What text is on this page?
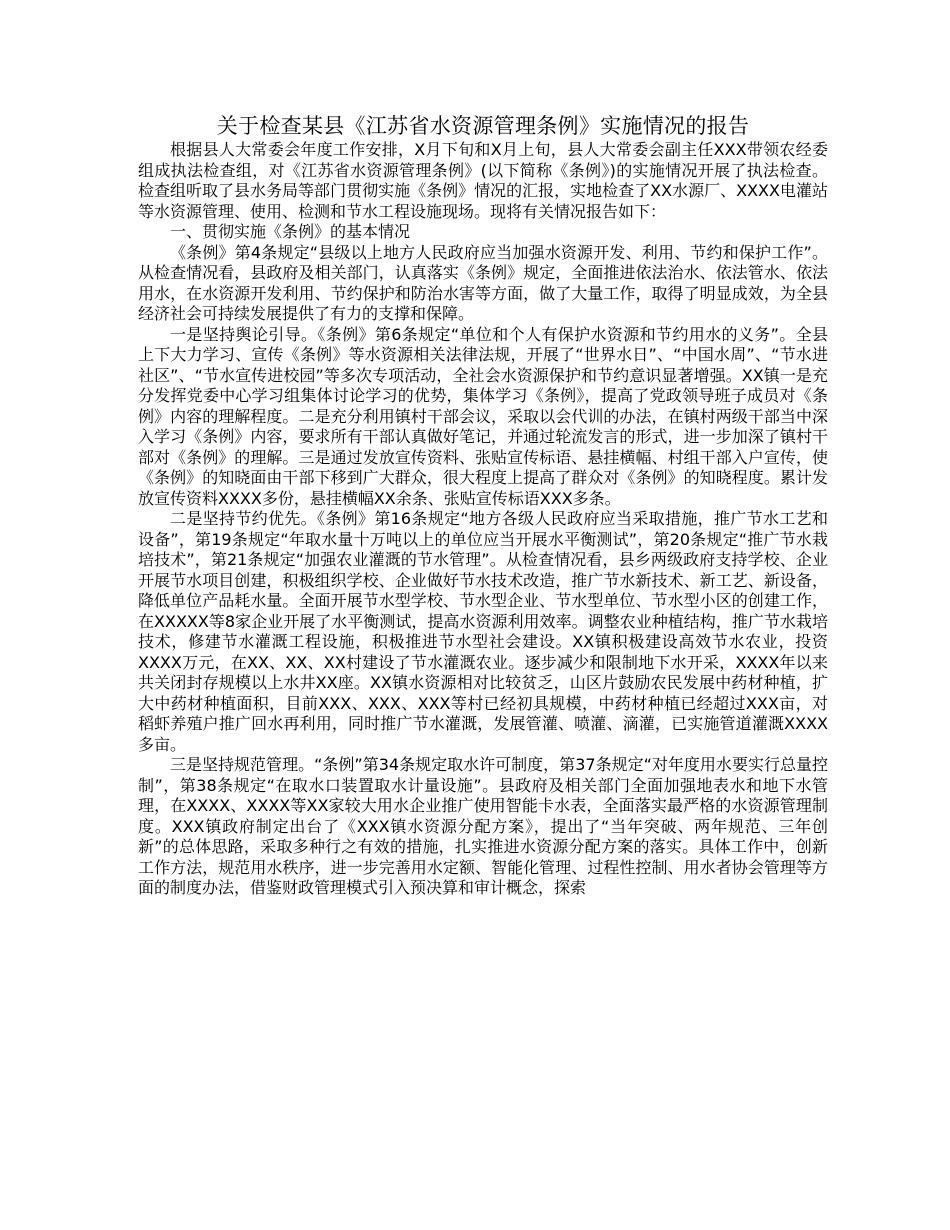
关于检查某县《江苏省水资源管理条例》实施情况的报告

根据县人大常委会年度工作安排，X月下旬和X月上旬，县人大常委会副主任XXX带领农经委组成执法检查组，对《江苏省水资源管理条例》(以下简称《条例》)的实施情况开展了执法检查。检查组听取了县水务局等部门贯彻实施《条例》情况的汇报，实地检查了XX水源厂、XXXX电灌站等水资源管理、使用、检测和节水工程设施现场。现将有关情况报告如下：

一、贯彻实施《条例》的基本情况

《条例》第4条规定“县级以上地方人民政府应当加强水资源开发、利用、节约和保护工作”。从检查情况看，县政府及相关部门，认真落实《条例》规定，全面推进依法治水、依法管水、依法用水，在水资源开发利用、节约保护和防治水害等方面，做了大量工作，取得了明显成效，为全县经济社会可持续发展提供了有力的支撑和保障。

一是坚持舆论引导。《条例》第6条规定“单位和个人有保护水资源和节约用水的义务”。全县上下大力学习、宣传《条例》等水资源相关法律法规，开展了“世界水日”、“中国水周”、“节水进社区”、“节水宣传进校园”等多次专项活动，全社会水资源保护和节约意识显著增强。XX镇一是充分发挥党委中心学习组集体讨论学习的优势，集体学习《条例》，提高了党政领导班子成员对《条例》内容的理解程度。二是充分利用镇村干部会议，采取以会代训的办法，在镇村两级干部当中深入学习《条例》内容，要求所有干部认真做好笔记，并通过轮流发言的形式，进一步加深了镇村干部对《条例》的理解。三是通过发放宣传资料、张贴宣传标语、悬挂横幅、村组干部入户宣传，使《条例》的知晓面由干部下移到广大群众，很大程度上提高了群众对《条例》的知晓程度。累计发放宣传资料XXXX多份，悬挂横幅XX余条、张贴宣传标语XXX多条。

二是坚持节约优先。《条例》第16条规定“地方各级人民政府应当采取措施，推广节水工艺和设备”，第19条规定“年取水量十万吨以上的单位应当开展水平衡测试”，第20条规定“推广节水栽培技术”，第21条规定“加强农业灌溉的节水管理”。从检查情况看，县乡两级政府支持学校、企业开展节水项目创建，积极组织学校、企业做好节水技术改造，推广节水新技术、新工艺、新设备，降低单位产品耗水量。全面开展节水型学校、节水型企业、节水型单位、节水型小区的创建工作，在XXXXX等8家企业开展了水平衡测试，提高水资源利用效率。调整农业种植结构，推广节水栽培技术，修建节水灌溉工程设施，积极推进节水型社会建设。XX镇积极建设高效节水农业，投资XXXX万元，在XX、XX、XX村建设了节水灌溉农业。逐步减少和限制地下水开采，XXXX年以来共关闭封存规模以上水井XX座。XX镇水资源相对比较贫乏，山区片鼓励农民发展中药材种植，扩大中药材种植面积，目前XXX、XXX、XXX等村已经初具规模，中药材种植已经超过XXX亩，对稻虾养殖户推广回水再利用，同时推广节水灌溉，发展管灌、喷灌、滴灌，已实施管道灌溉XXXX多亩。

三是坚持规范管理。“条例”第34条规定取水许可制度，第37条规定“对年度用水要实行总量控制”，第38条规定“在取水口装置取水计量设施”。县政府及相关部门全面加强地表水和地下水管理，在XXXX、XXXX等XX家较大用水企业推广使用智能卡水表，全面落实最严格的水资源管理制度。XXX镇政府制定出台了《XXX镇水资源分配方案》，提出了“当年突破、两年规范、三年创新”的总体思路，采取多种行之有效的措施，扎实推进水资源分配方案的落实。具体工作中，创新工作方法，规范用水秩序，进一步完善用水定额、智能化管理、过程性控制、用水者协会管理等方面的制度办法，借鉴财政管理模式引入预决算和审计概念，探索
